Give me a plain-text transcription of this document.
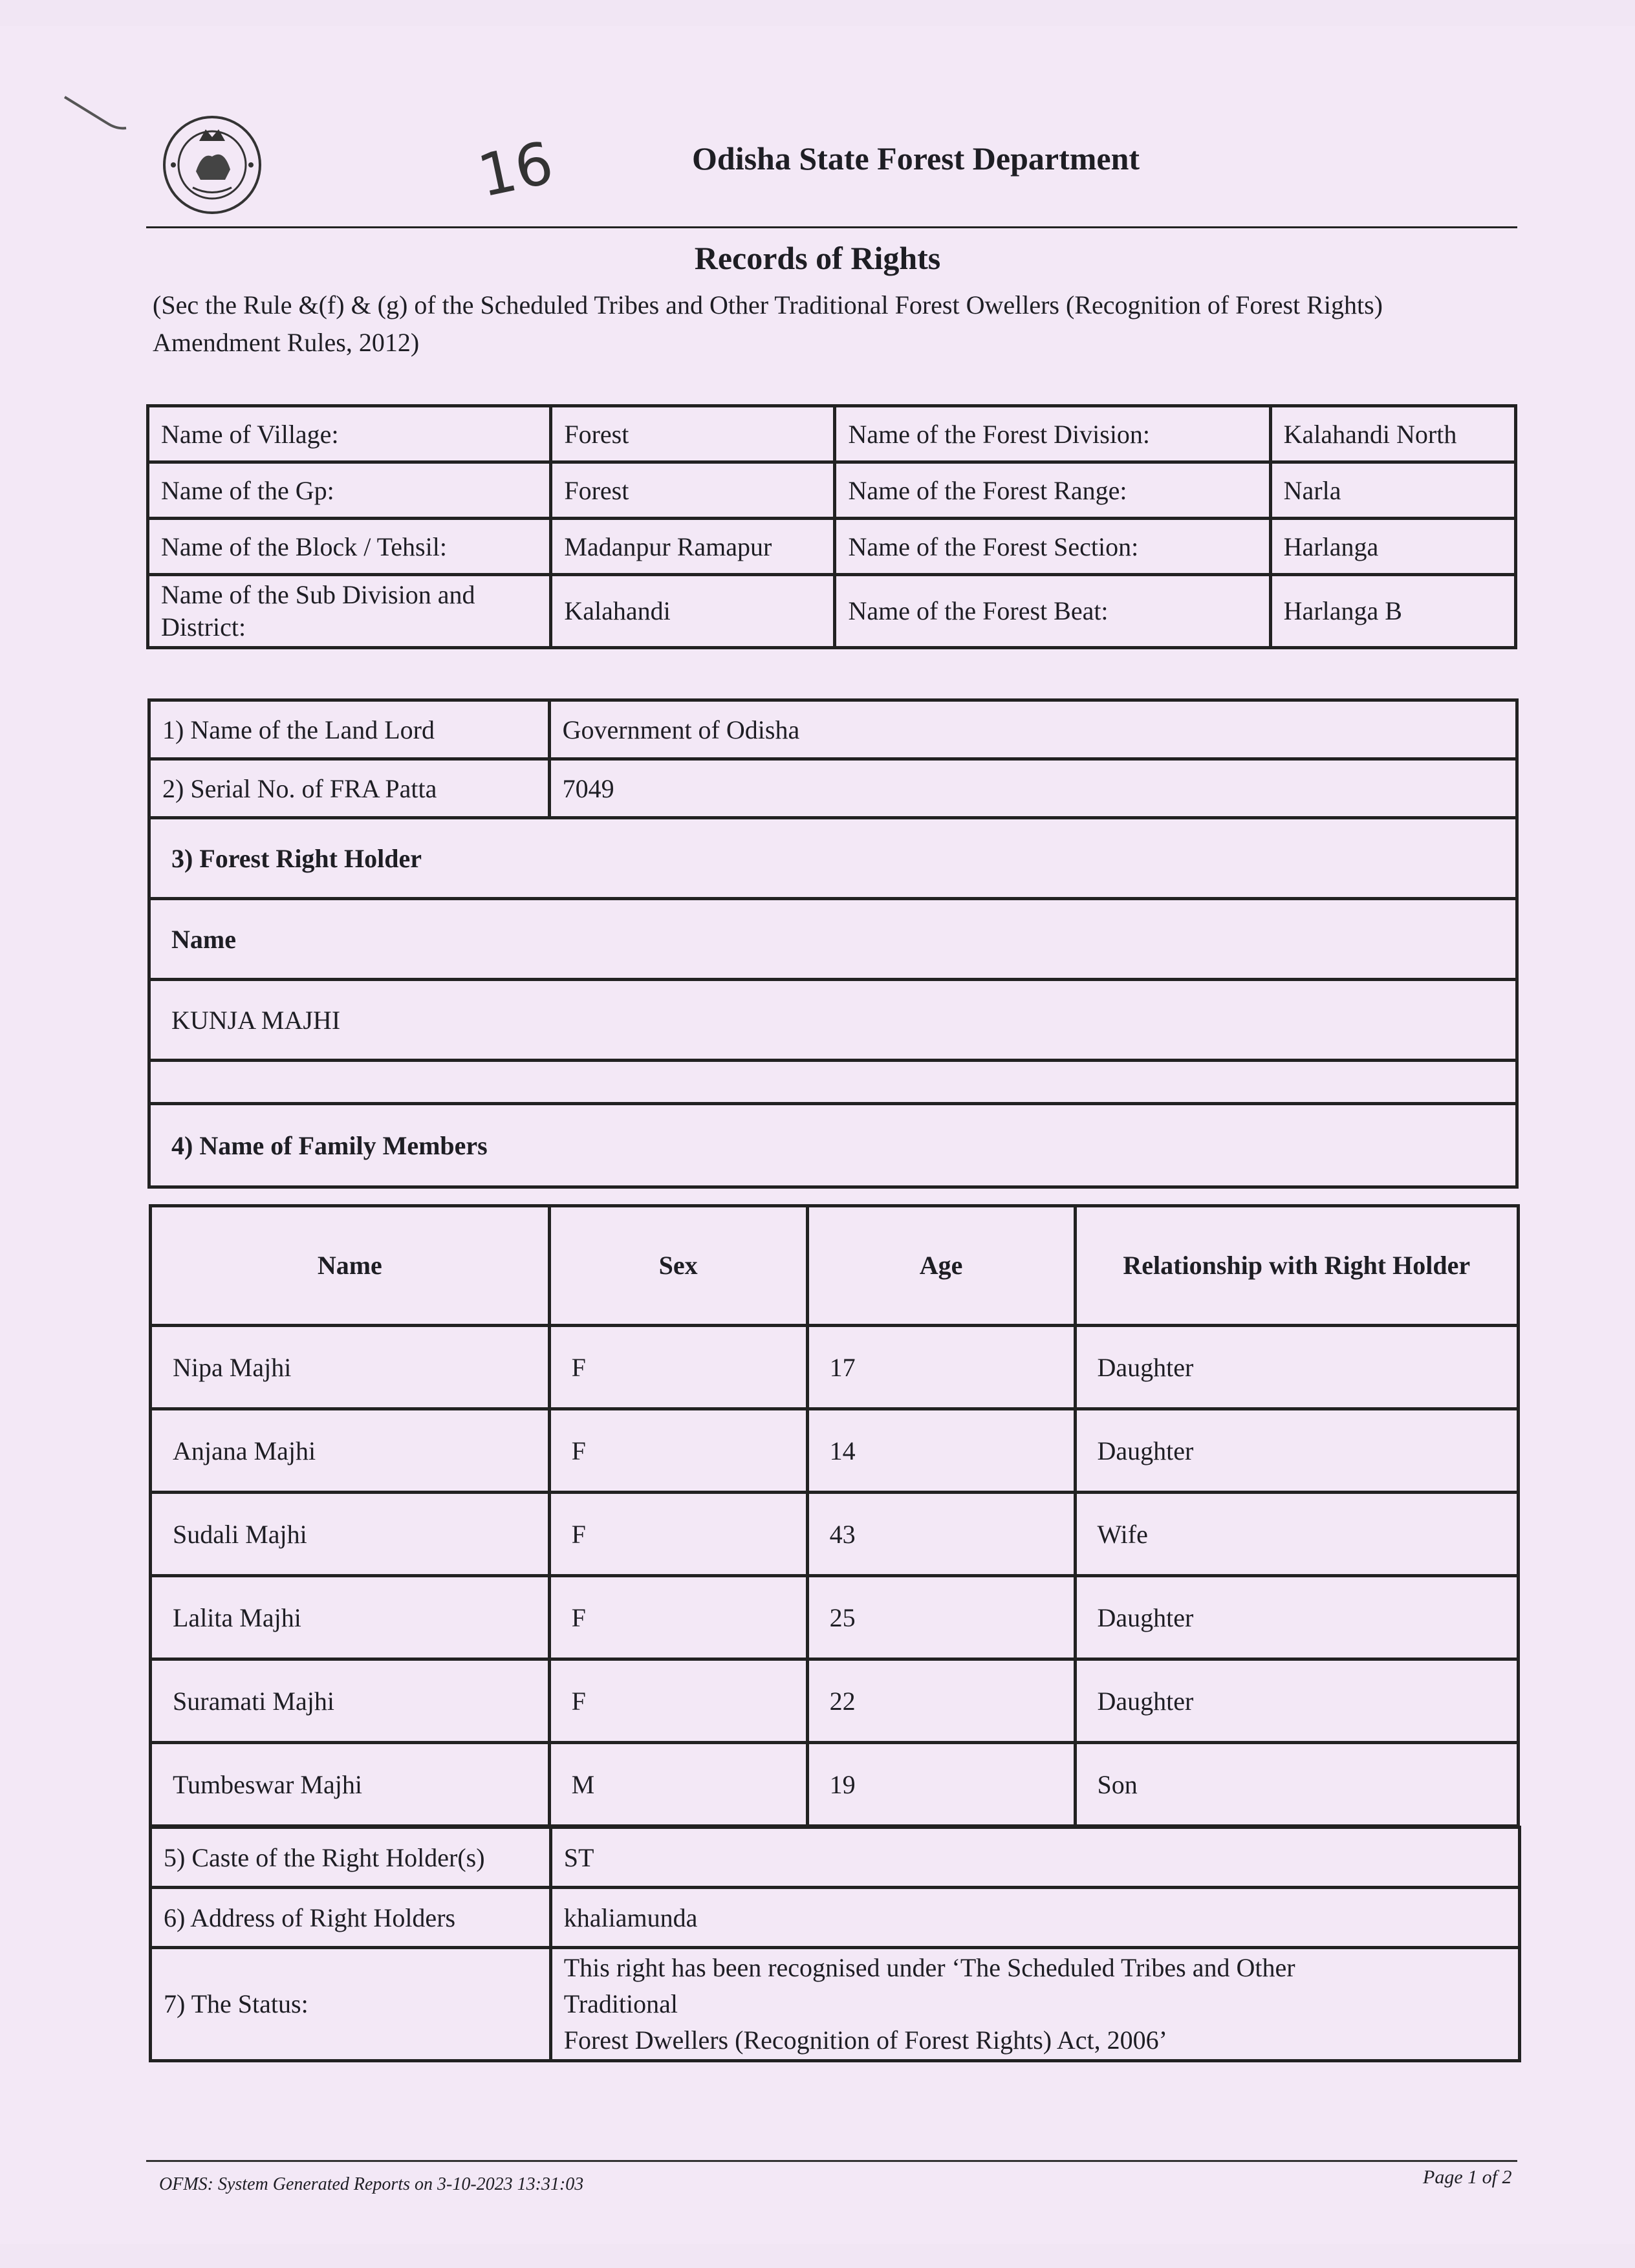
16	Odisha State Forest Department
Records of Rights
(Sec the Rule &(f) & (g) of the Scheduled Tribes and Other Traditional Forest Owellers (Recognition of Forest Rights) Amendment Rules, 2012)
Name of Village:	Forest	Name of the Forest Division:	Kalahandi North
Name of the Gp:	Forest	Name of the Forest Range:	Narla
Name of the Block / Tehsil:	Madanpur Ramapur	Name of the Forest Section:	Harlanga
Name of the Sub Division and District:	Kalahandi	Name of the Forest Beat:	Harlanga B
1) Name of the Land Lord	Government of Odisha
2) Serial No. of FRA Patta	7049
3) Forest Right Holder	
Name	
KUNJA MAJHI	

4) Name of Family Members	
Name	Sex	Age	Relationship with Right Holder
Nipa Majhi	F	17	Daughter
Anjana Majhi	F	14	Daughter
Sudali Majhi	F	43	Wife
Lalita Majhi	F	25	Daughter
Suramati Majhi	F	22	Daughter
Tumbeswar Majhi	M	19	Son
5) Caste of the Right Holder(s)	ST
6) Address of Right Holders	khaliamunda
7) The Status:	This right has been recognised under ‘The Scheduled Tribes and Other
Traditional
Forest Dwellers (Recognition of Forest Rights) Act, 2006’
OFMS: System Generated Reports on 3-10-2023 13:31:03	Page 1 of 2
